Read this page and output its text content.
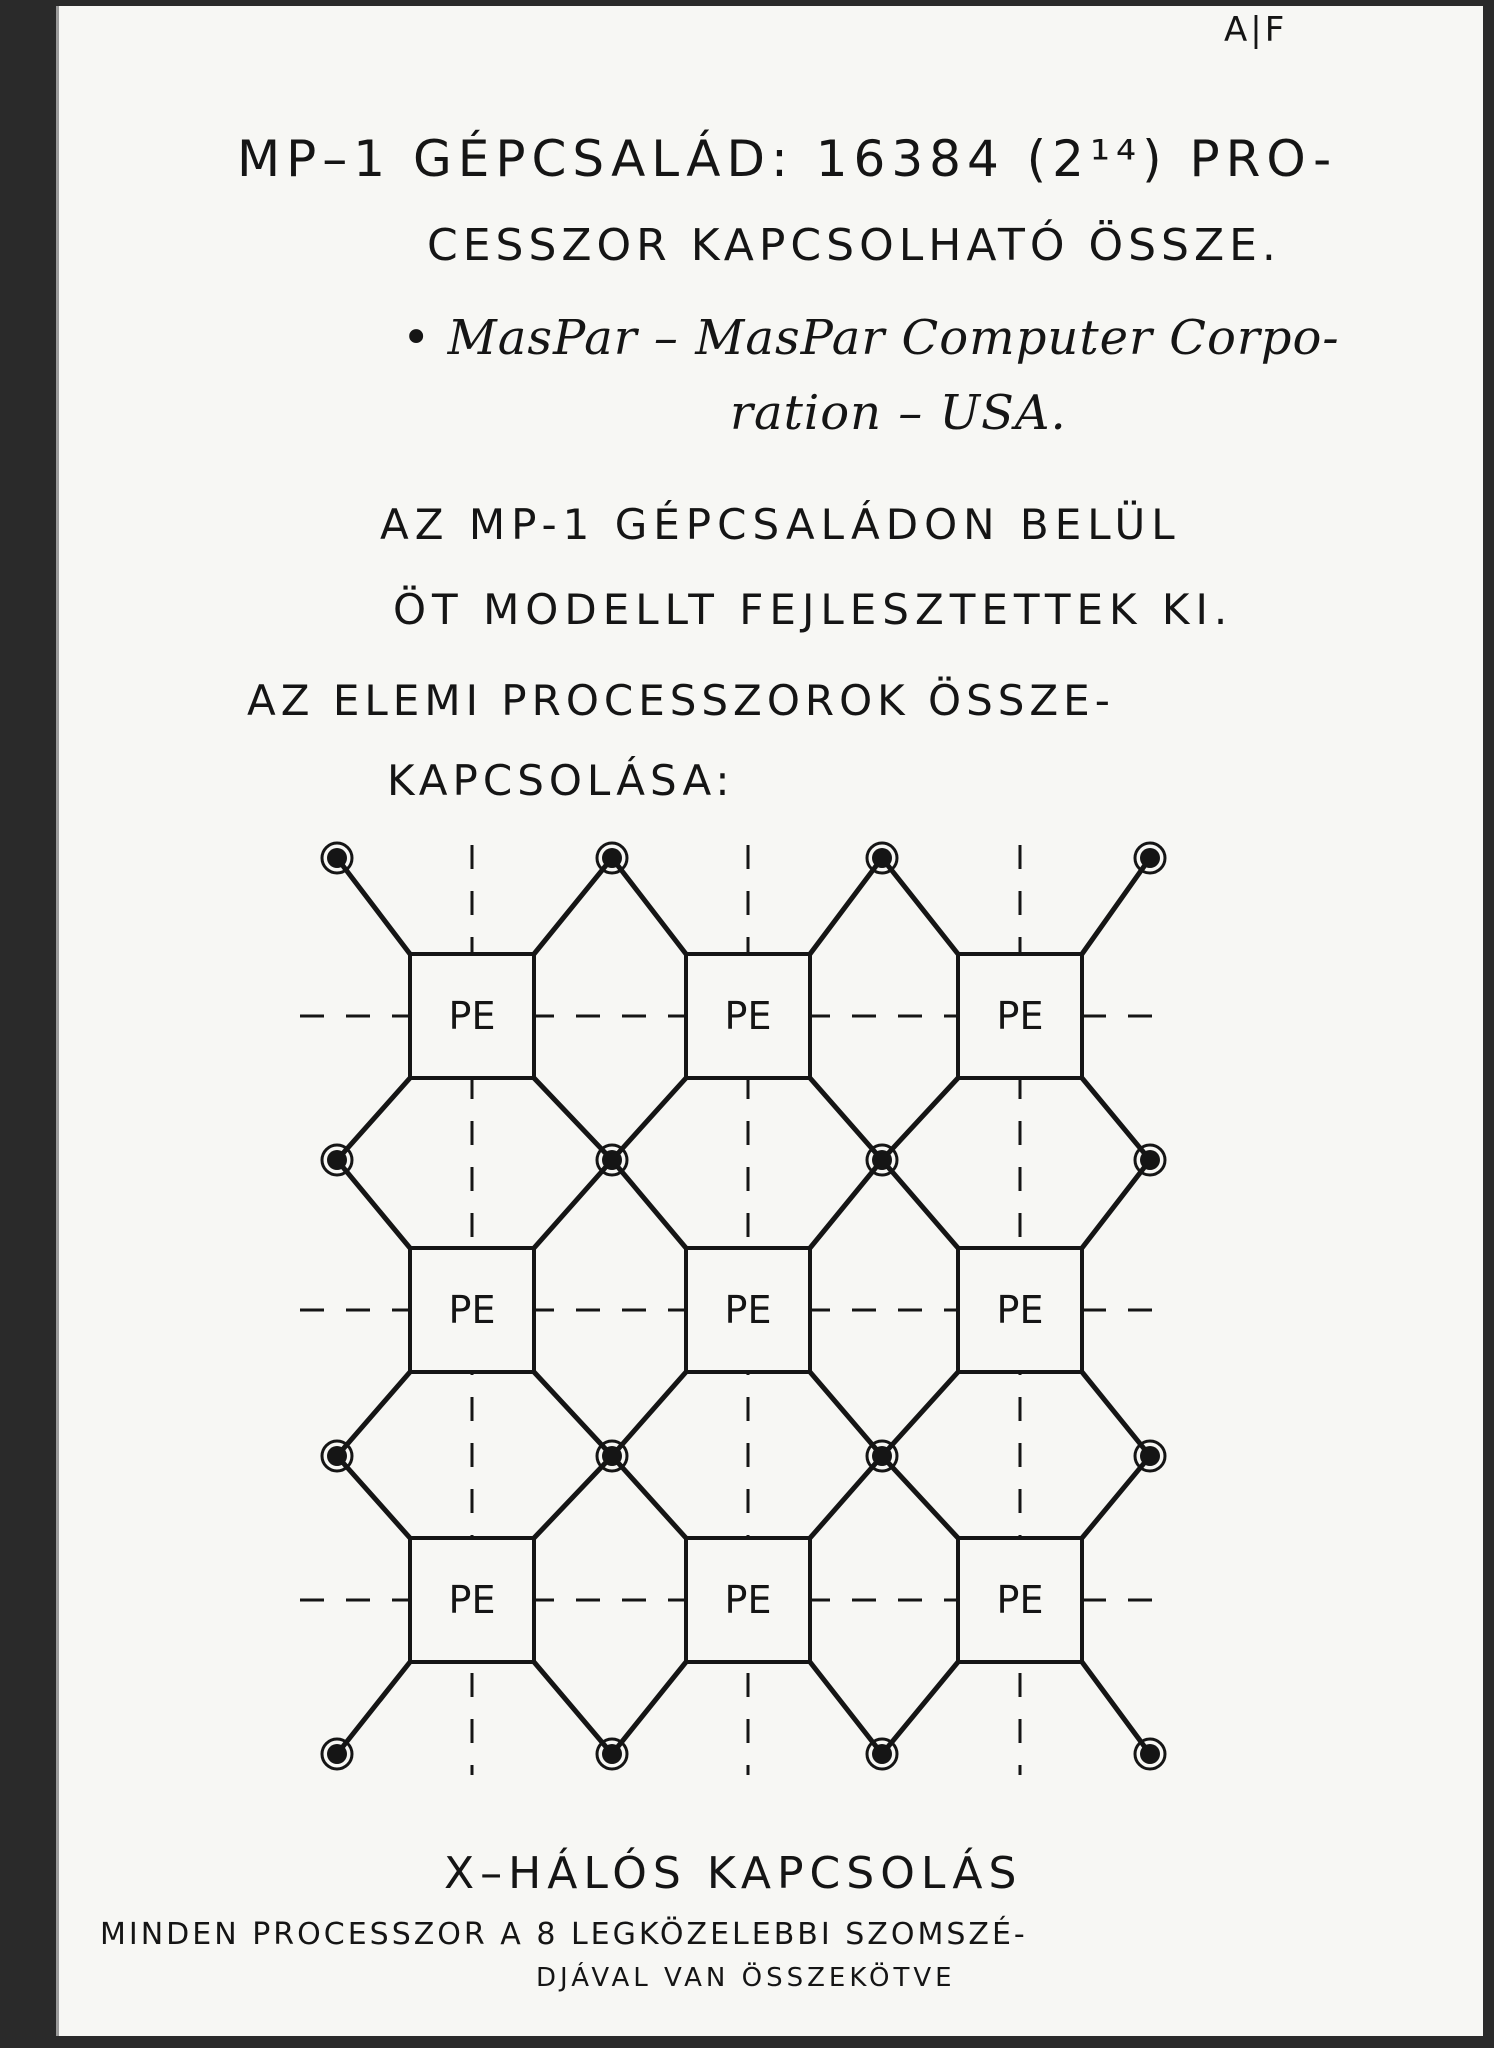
A|F

MP–1 GÉPCSALÁD: 16384 (2¹⁴) PRO-

CESSZOR KAPCSOLHATÓ ÖSSZE.

• MasPar – MasPar Computer Corpo-

ration – USA.

AZ MP-1 GÉPCSALÁDON BELÜL

ÖT MODELLT FEJLESZTETTEK KI.

AZ ELEMI PROCESSZOROK ÖSSZE-

KAPCSOLÁSA:

PE	PE	PE
PE	PE	PE
PE	PE	PE

X–HÁLÓS KAPCSOLÁS

MINDEN PROCESSZOR A 8 LEGKÖZELEBBI SZOMSZÉ-

DJÁVAL VAN ÖSSZEKÖTVE
